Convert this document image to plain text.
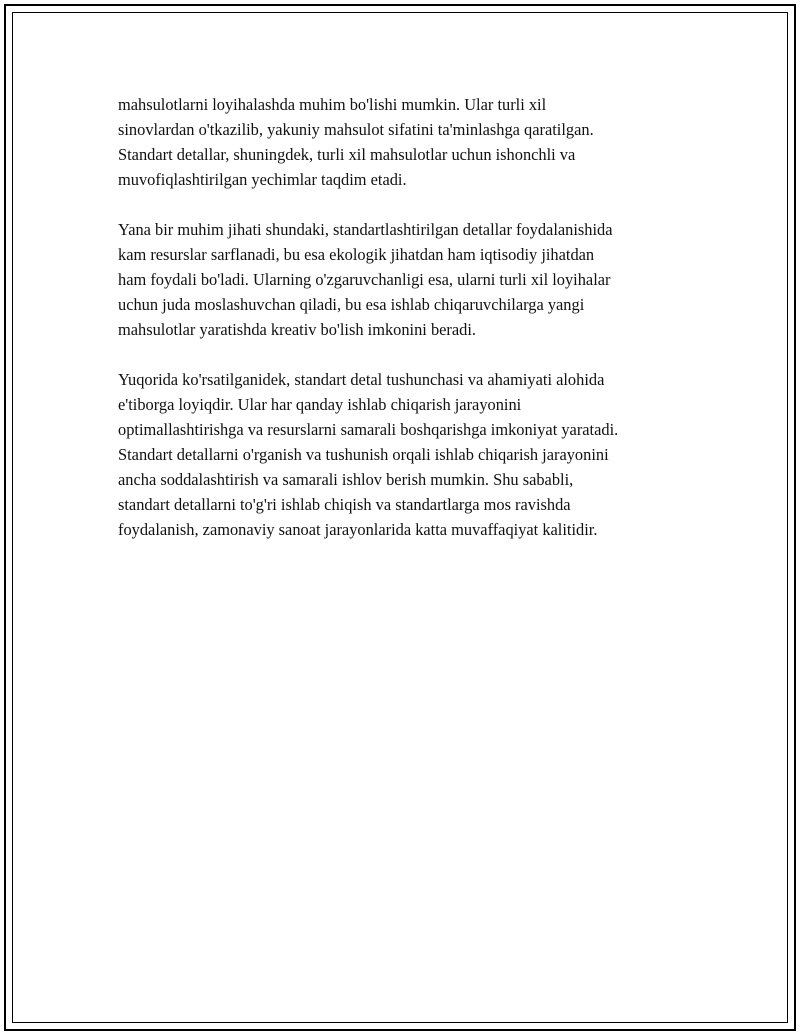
mahsulotlarni loyihalashda muhim bo'lishi mumkin. Ular turli xil
sinovlardan o'tkazilib, yakuniy mahsulot sifatini ta'minlashga qaratilgan.
Standart detallar, shuningdek, turli xil mahsulotlar uchun ishonchli va
muvofiqlashtirilgan yechimlar taqdim etadi.

Yana bir muhim jihati shundaki, standartlashtirilgan detallar foydalanishida
kam resurslar sarflanadi, bu esa ekologik jihatdan ham iqtisodiy jihatdan
ham foydali bo'ladi. Ularning o'zgaruvchanligi esa, ularni turli xil loyihalar
uchun juda moslashuvchan qiladi, bu esa ishlab chiqaruvchilarga yangi
mahsulotlar yaratishda kreativ bo'lish imkonini beradi.

Yuqorida ko'rsatilganidek, standart detal tushunchasi va ahamiyati alohida
e'tiborga loyiqdir. Ular har qanday ishlab chiqarish jarayonini
optimallashtirishga va resurslarni samarali boshqarishga imkoniyat yaratadi.
Standart detallarni o'rganish va tushunish orqali ishlab chiqarish jarayonini
ancha soddalashtirish va samarali ishlov berish mumkin. Shu sababli,
standart detallarni to'g'ri ishlab chiqish va standartlarga mos ravishda
foydalanish, zamonaviy sanoat jarayonlarida katta muvaffaqiyat kalitidir.
